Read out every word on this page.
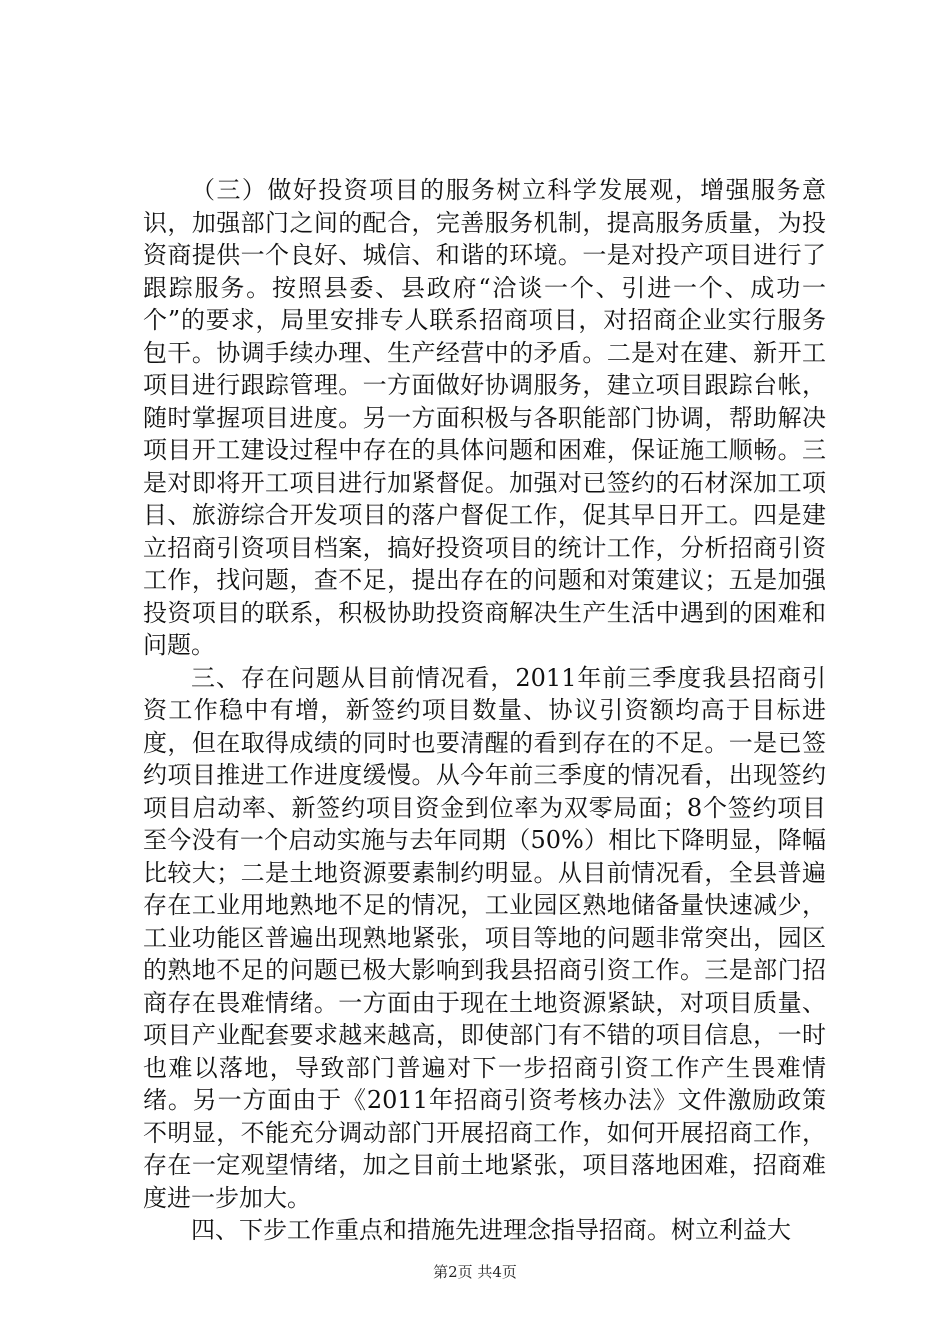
（三）做好投资项目的服务树立科学发展观，增强服务意识，加强部门之间的配合，完善服务机制，提高服务质量，为投资商提供一个良好、城信、和谐的环境。一是对投产项目进行了跟踪服务。按照县委、县政府“洽谈一个、引进一个、成功一个”的要求，局里安排专人联系招商项目，对招商企业实行服务包干。协调手续办理、生产经营中的矛盾。二是对在建、新开工项目进行跟踪管理。一方面做好协调服务，建立项目跟踪台帐，随时掌握项目进度。另一方面积极与各职能部门协调，帮助解决项目开工建设过程中存在的具体问题和困难，保证施工顺畅。三是对即将开工项目进行加紧督促。加强对已签约的石材深加工项目、旅游综合开发项目的落户督促工作，促其早日开工。四是建立招商引资项目档案，搞好投资项目的统计工作，分析招商引资工作，找问题，查不足，提出存在的问题和对策建议；五是加强投资项目的联系，积极协助投资商解决生产生活中遇到的困难和问题。

三、存在问题从目前情况看，2011年前三季度我县招商引资工作稳中有增，新签约项目数量、协议引资额均高于目标进度，但在取得成绩的同时也要清醒的看到存在的不足。一是已签约项目推进工作进度缓慢。从今年前三季度的情况看，出现签约项目启动率、新签约项目资金到位率为双零局面；8个签约项目至今没有一个启动实施与去年同期（50%）相比下降明显，降幅比较大；二是土地资源要素制约明显。从目前情况看，全县普遍存在工业用地熟地不足的情况，工业园区熟地储备量快速减少，工业功能区普遍出现熟地紧张，项目等地的问题非常突出，园区的熟地不足的问题已极大影响到我县招商引资工作。三是部门招商存在畏难情绪。一方面由于现在土地资源紧缺，对项目质量、项目产业配套要求越来越高，即使部门有不错的项目信息，一时也难以落地，导致部门普遍对下一步招商引资工作产生畏难情绪。另一方面由于《2011年招商引资考核办法》文件激励政策不明显，不能充分调动部门开展招商工作，如何开展招商工作，存在一定观望情绪，加之目前土地紧张，项目落地困难，招商难度进一步加大。

四、下步工作重点和措施先进理念指导招商。树立利益大

第2页 共4页
